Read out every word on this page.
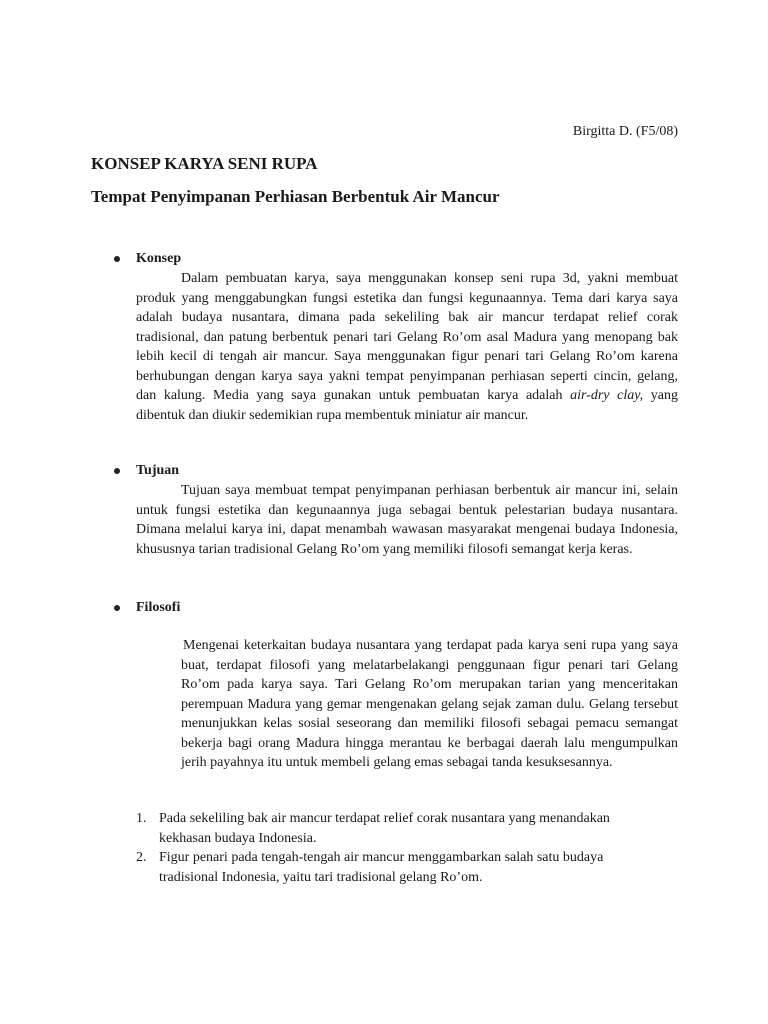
Birgitta D. (F5/08)
KONSEP KARYA SENI RUPA
Tempat Penyimpanan Perhiasan Berbentuk Air Mancur
Konsep
Dalam pembuatan karya, saya menggunakan konsep seni rupa 3d, yakni membuat produk yang menggabungkan fungsi estetika dan fungsi kegunaannya. Tema dari karya saya adalah budaya nusantara, dimana pada sekeliling bak air mancur terdapat relief corak tradisional, dan patung berbentuk penari tari Gelang Ro’om asal Madura yang menopang bak lebih kecil di tengah air mancur. Saya menggunakan figur penari tari Gelang Ro’om karena berhubungan dengan karya saya yakni tempat penyimpanan perhiasan seperti cincin, gelang, dan kalung. Media yang saya gunakan untuk pembuatan karya adalah air-dry clay, yang dibentuk dan diukir sedemikian rupa membentuk miniatur air mancur.
Tujuan
Tujuan saya membuat tempat penyimpanan perhiasan berbentuk air mancur ini, selain untuk fungsi estetika dan kegunaannya juga sebagai bentuk pelestarian budaya nusantara. Dimana melalui karya ini, dapat menambah wawasan masyarakat mengenai budaya Indonesia, khususnya tarian tradisional Gelang Ro’om yang memiliki filosofi semangat kerja keras.
Filosofi
Mengenai keterkaitan budaya nusantara yang terdapat pada karya seni rupa yang saya buat, terdapat filosofi yang melatarbelakangi penggunaan figur penari tari Gelang Ro’om pada karya saya. Tari Gelang Ro’om merupakan tarian yang menceritakan perempuan Madura yang gemar mengenakan gelang sejak zaman dulu. Gelang tersebut menunjukkan kelas sosial seseorang dan memiliki filosofi sebagai pemacu semangat bekerja bagi orang Madura hingga merantau ke berbagai daerah lalu mengumpulkan jerih payahnya itu untuk membeli gelang emas sebagai tanda kesuksesannya.
1. Pada sekeliling bak air mancur terdapat relief corak nusantara yang menandakan kekhasan budaya Indonesia.
2. Figur penari pada tengah-tengah air mancur menggambarkan salah satu budaya tradisional Indonesia, yaitu tari tradisional gelang Ro’om.
